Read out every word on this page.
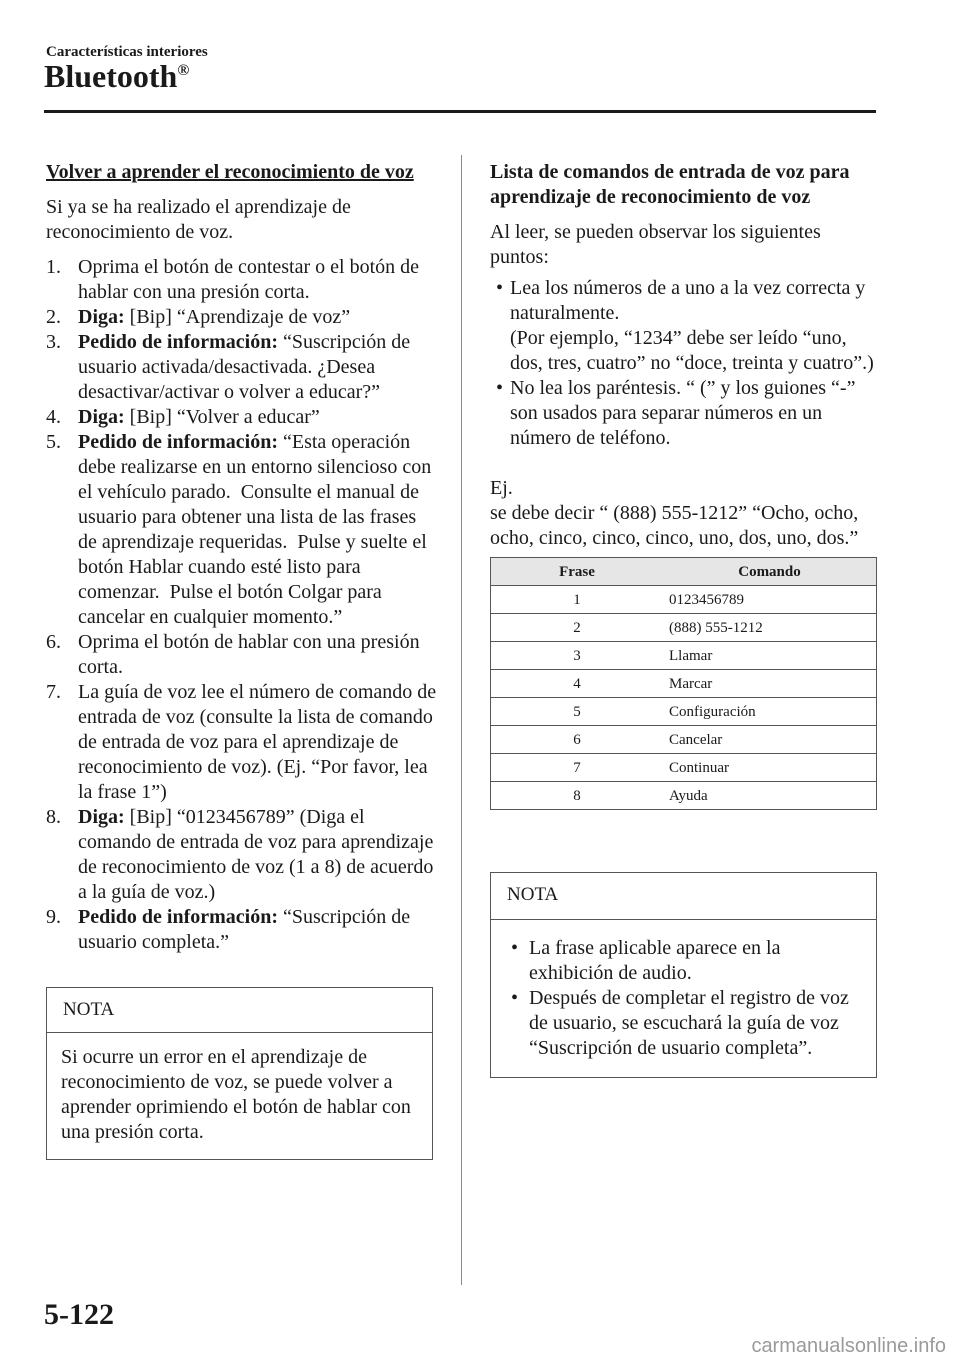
Características interiores
Bluetooth®
Volver a aprender el reconocimiento de voz

Si ya se ha realizado el aprendizaje de reconocimiento de voz.

1. Oprima el botón de contestar o el botón de hablar con una presión corta.
2. Diga: [Bip] “Aprendizaje de voz”
3. Pedido de información: “Suscripción de usuario activada/desactivada. ¿Desea desactivar/activar o volver a educar?”
4. Diga: [Bip] “Volver a educar”
5. Pedido de información: “Esta operación debe realizarse en un entorno silencioso con el vehículo parado.  Consulte el manual de usuario para obtener una lista de las frases de aprendizaje requeridas.  Pulse y suelte el botón Hablar cuando esté listo para comenzar.  Pulse el botón Colgar para cancelar en cualquier momento.”
6. Oprima el botón de hablar con una presión corta.
7. La guía de voz lee el número de comando de entrada de voz (consulte la lista de comando de entrada de voz para el aprendizaje de reconocimiento de voz). (Ej. “Por favor, lea la frase 1”)
8. Diga: [Bip] “0123456789” (Diga el comando de entrada de voz para aprendizaje de reconocimiento de voz (1 a 8) de acuerdo a la guía de voz.)
9. Pedido de información: “Suscripción de usuario completa.”
NOTA
Si ocurre un error en el aprendizaje de reconocimiento de voz, se puede volver a aprender oprimiendo el botón de hablar con una presión corta.
Lista de comandos de entrada de voz para aprendizaje de reconocimiento de voz

Al leer, se pueden observar los siguientes puntos:

• Lea los números de a uno a la vez correcta y naturalmente.
(Por ejemplo, “1234” debe ser leído “uno, dos, tres, cuatro” no “doce, treinta y cuatro”.)
• No lea los paréntesis. “ (” y los guiones “-” son usados para separar números en un número de teléfono.
Ej.
se debe decir “ (888) 555-1212” “Ocho, ocho, ocho, cinco, cinco, cinco, uno, dos, uno, dos.”
Frase	Comando
1	0123456789
2	(888) 555-1212
3	Llamar
4	Marcar
5	Configuración
6	Cancelar
7	Continuar
8	Ayuda
NOTA
• La frase aplicable aparece en la exhibición de audio.
• Después de completar el registro de voz de usuario, se escuchará la guía de voz “Suscripción de usuario completa”.
5-122
carmanualsonline.info
